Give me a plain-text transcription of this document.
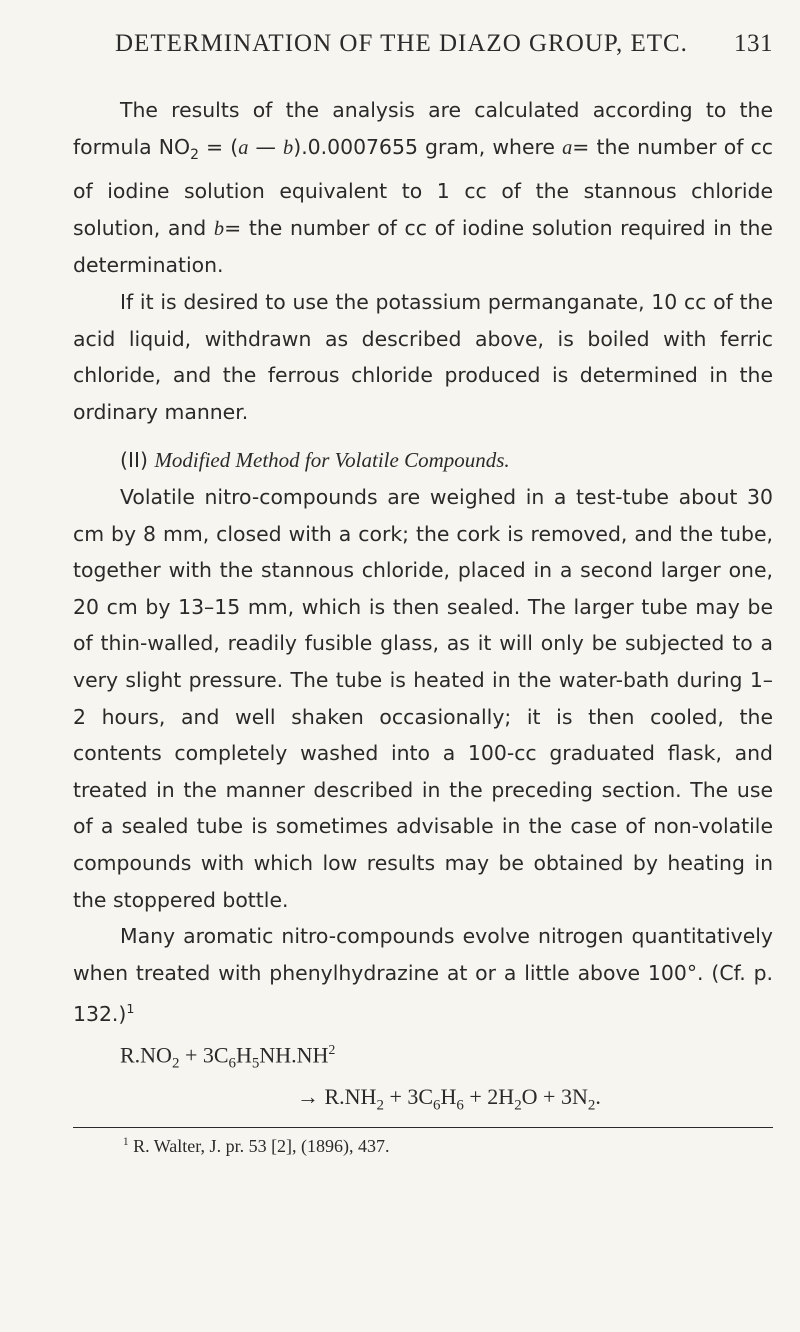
DETERMINATION OF THE DIAZO GROUP, ETC. 131

The results of the analysis are calculated according to the formula $NO_2 = (a$ — b).0.0007655 gram, where a= the number of cc of iodine solution equivalent to 1 cc of the stannous chloride solution, and b= the number of cc of iodine solution required in the determination.

If it is desired to use the potassium permanganate, 10 cc of the acid liquid, withdrawn as described above, is boiled with ferric chloride, and the ferrous chloride produced is determined in the ordinary manner.

(II) Modified Method for Volatile Compounds.

Volatile nitro-compounds are weighed in a test-tube about 30 cm by 8 mm, closed with a cork; the cork is removed, and the tube, together with the stannous chloride, placed in a second larger one, 20 cm by 13–15 mm, which is then sealed. The larger tube may be of thin-walled, readily fusible glass, as it will only be subjected to a very slight pressure. The tube is heated in the water-bath during 1–2 hours, and well shaken occasionally; it is then cooled, the contents completely washed into a 100-cc graduated flask, and treated in the manner described in the preceding section. The use of a sealed tube is sometimes advisable in the case of non-volatile compounds with which low results may be obtained by heating in the stoppered bottle.

Many aromatic nitro-compounds evolve nitrogen quantitatively when treated with phenylhydrazine at or a little above 100°. (Cf. p. 132.)$^1$

$R.NO_2 + 3C_6H_5NH.NH^2$

→ $R.NH_2 + 3C_6H_6 + 2H_2O + 3N_2$.

$^1$ R. Walter, J. pr. 53 [2], (1896), 437.
